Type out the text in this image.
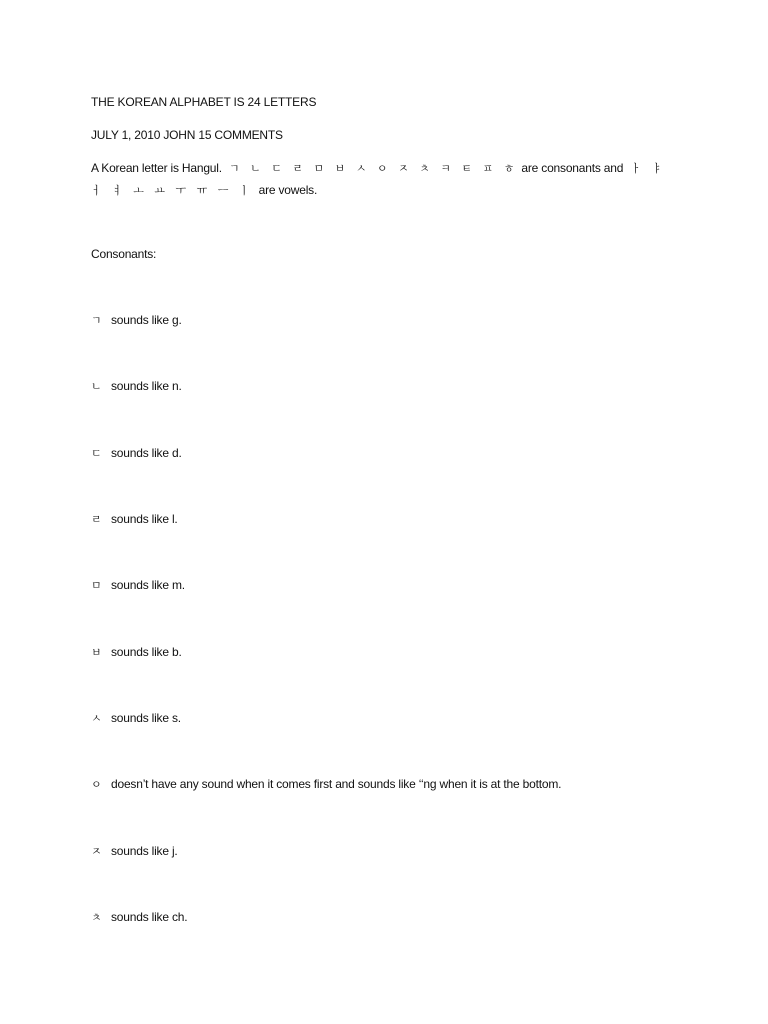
THE KOREAN ALPHABET IS 24 LETTERS
JULY 1, 2010 JOHN 15 COMMENTS
A Korean letter is Hangul. ㄱ ㄴ ㄷ ㄹ ㅁ ㅂ ㅅ ㅇ ㅈ ㅊ ㅋ ㅌ ㅍ ㅎ are consonants and ㅏ ㅑ
ㅓ ㅕ ㅗ ㅛ ㅜ ㅠ ㅡ ㅣ are vowels.
Consonants:
ㄱ sounds like g.
ㄴ sounds like n.
ㄷ sounds like d.
ㄹ sounds like l.
ㅁ sounds like m.
ㅂ sounds like b.
ㅅ sounds like s.
ㅇ doesn’t have any sound when it comes first and sounds like ‘‘ng when it is at the bottom.
ㅈ sounds like j.
ㅊ sounds like ch.
